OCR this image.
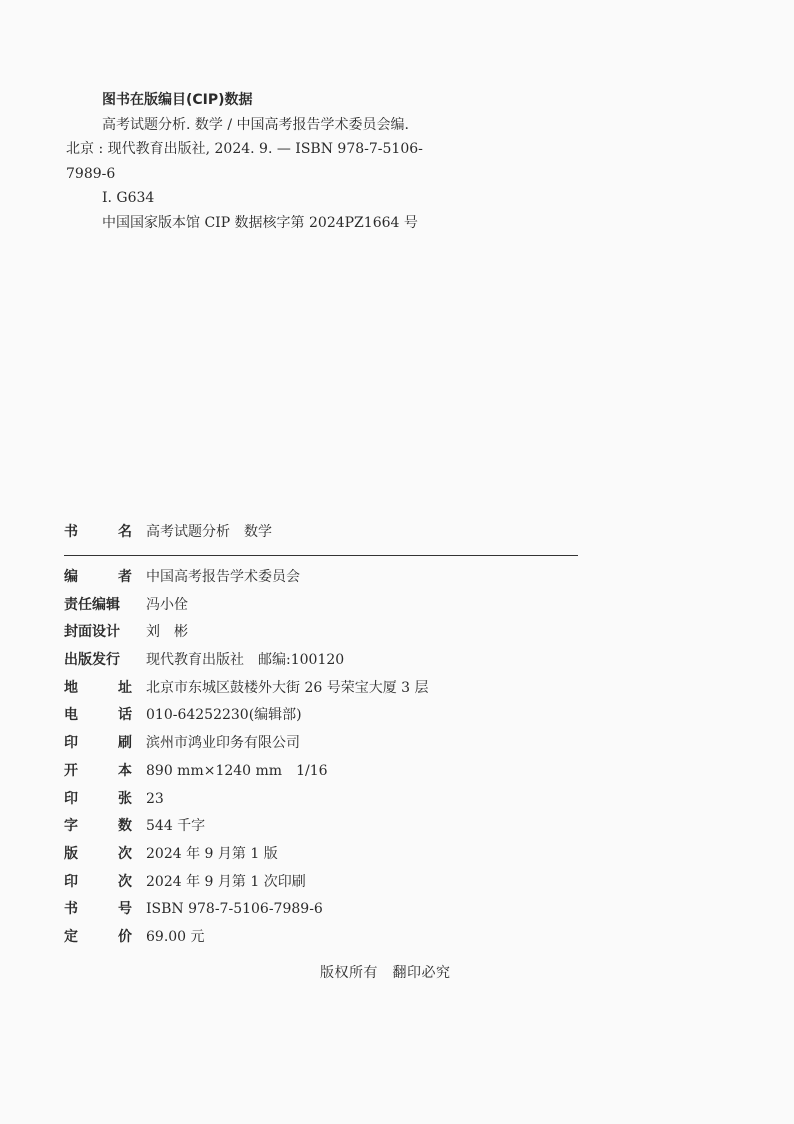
图书在版编目(CIP)数据

高考试题分析. 数学 / 中国高考报告学术委员会编.

北京 : 现代教育出版社, 2024. 9. — ISBN 978-7-5106-

7989-6

Ⅰ. G634

中国国家版本馆 CIP 数据核字第 2024PZ1664 号

书	名 高考试题分析　数学
编	者 中国高考报告学术委员会
责任编辑 冯小佺
封面设计 刘　彬
出版发行 现代教育出版社　邮编:100120
地	址 北京市东城区鼓楼外大街 26 号荣宝大厦 3 层
电	话 010-64252230(编辑部)
印	刷 滨州市鸿业印务有限公司
开	本 890 mm×1240 mm　1/16
印	张 23
字	数 544 千字
版	次 2024 年 9 月第 1 版
印	次 2024 年 9 月第 1 次印刷
书	号 ISBN 978-7-5106-7989-6
定	价 69.00 元
版权所有　翻印必究
